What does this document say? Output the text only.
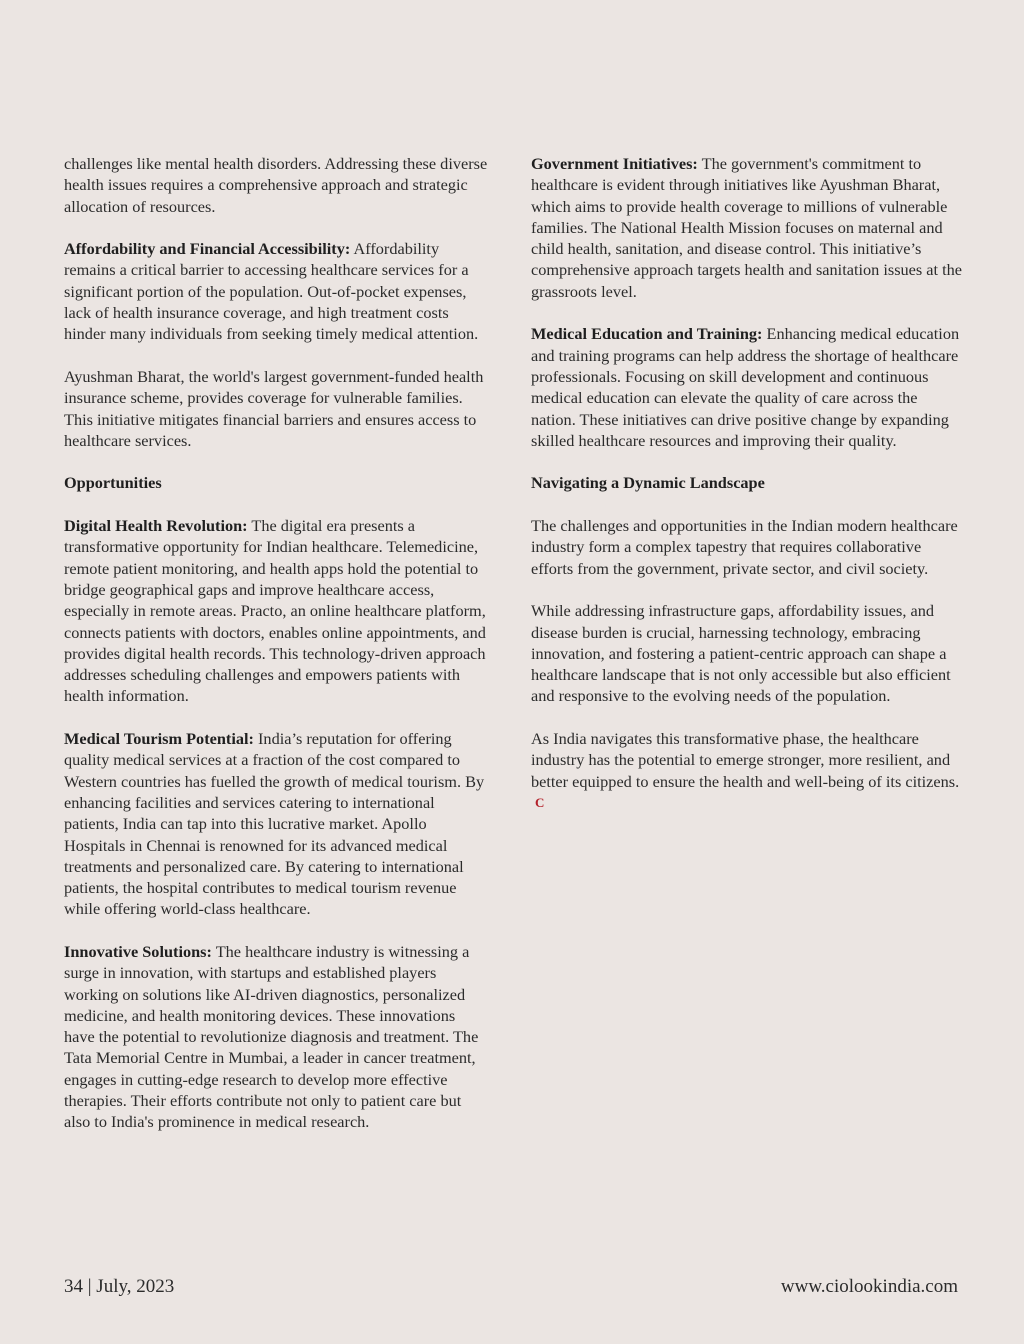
challenges like mental health disorders. Addressing these diverse health issues requires a comprehensive approach and strategic allocation of resources.

Affordability and Financial Accessibility: Affordability remains a critical barrier to accessing healthcare services for a significant portion of the population. Out-of-pocket expenses, lack of health insurance coverage, and high treatment costs hinder many individuals from seeking timely medical attention.

Ayushman Bharat, the world's largest government-funded health insurance scheme, provides coverage for vulnerable families. This initiative mitigates financial barriers and ensures access to healthcare services.

Opportunities

Digital Health Revolution: The digital era presents a transformative opportunity for Indian healthcare. Telemedicine, remote patient monitoring, and health apps hold the potential to bridge geographical gaps and improve healthcare access, especially in remote areas. Practo, an online healthcare platform, connects patients with doctors, enables online appointments, and provides digital health records. This technology-driven approach addresses scheduling challenges and empowers patients with health information.

Medical Tourism Potential: India’s reputation for offering quality medical services at a fraction of the cost compared to Western countries has fuelled the growth of medical tourism. By enhancing facilities and services catering to international patients, India can tap into this lucrative market. Apollo Hospitals in Chennai is renowned for its advanced medical treatments and personalized care. By catering to international patients, the hospital contributes to medical tourism revenue while offering world-class healthcare.

Innovative Solutions: The healthcare industry is witnessing a surge in innovation, with startups and established players working on solutions like AI-driven diagnostics, personalized medicine, and health monitoring devices. These innovations have the potential to revolutionize diagnosis and treatment. The Tata Memorial Centre in Mumbai, a leader in cancer treatment, engages in cutting-edge research to develop more effective therapies. Their efforts contribute not only to patient care but also to India's prominence in medical research.

Government Initiatives: The government's commitment to healthcare is evident through initiatives like Ayushman Bharat, which aims to provide health coverage to millions of vulnerable families. The National Health Mission focuses on maternal and child health, sanitation, and disease control. This initiative’s comprehensive approach targets health and sanitation issues at the grassroots level.

Medical Education and Training: Enhancing medical education and training programs can help address the shortage of healthcare professionals. Focusing on skill development and continuous medical education can elevate the quality of care across the nation. These initiatives can drive positive change by expanding skilled healthcare resources and improving their quality.

Navigating a Dynamic Landscape

The challenges and opportunities in the Indian modern healthcare industry form a complex tapestry that requires collaborative efforts from the government, private sector, and civil society.

While addressing infrastructure gaps, affordability issues, and disease burden is crucial, harnessing technology, embracing innovation, and fostering a patient-centric approach can shape a healthcare landscape that is not only accessible but also efficient and responsive to the evolving needs of the population.

As India navigates this transformative phase, the healthcare industry has the potential to emerge stronger, more resilient, and better equipped to ensure the health and well-being of its citizens.C

34 | July, 2023	www.ciolookindia.com
